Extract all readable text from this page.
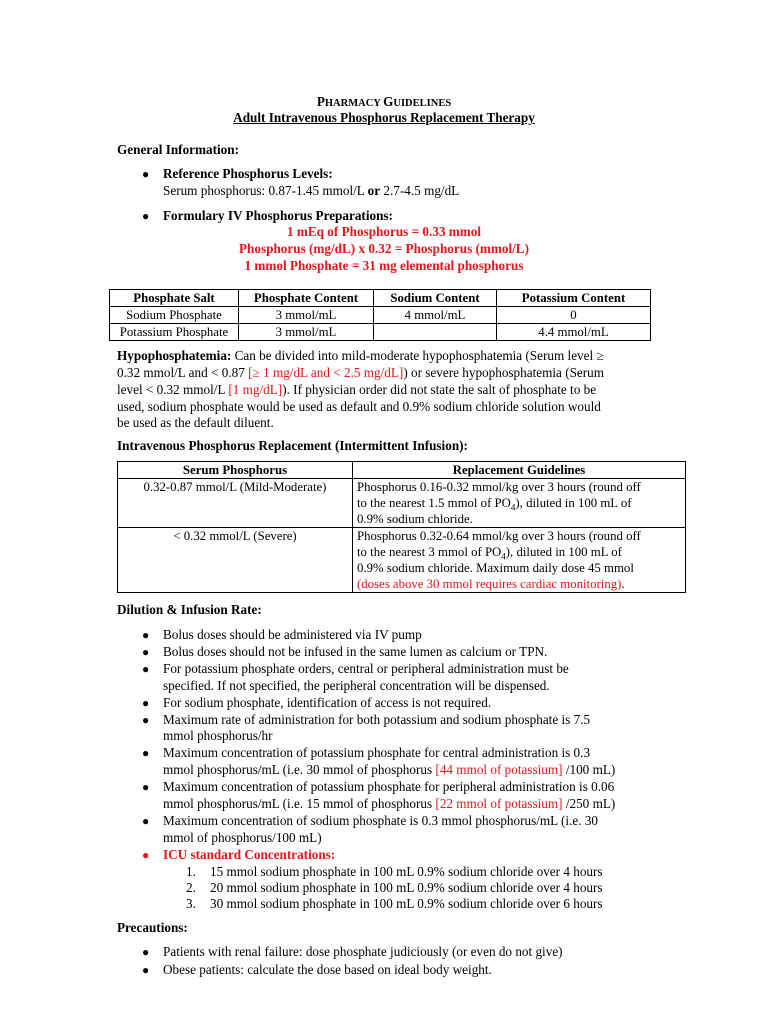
PHARMACY GUIDELINES
Adult Intravenous Phosphorus Replacement Therapy
General Information:
● Reference Phosphorus Levels:
Serum phosphorus: 0.87-1.45 mmol/L or 2.7-4.5 mg/dL
● Formulary IV Phosphorus Preparations:
1 mEq of Phosphorus = 0.33 mmol
Phosphorus (mg/dL) x 0.32 = Phosphorus (mmol/L)
1 mmol Phosphate = 31 mg elemental phosphorus
Phosphate Salt	Phosphate Content	Sodium Content	Potassium Content
Sodium Phosphate	3 mmol/mL	4 mmol/mL	0
Potassium Phosphate	3 mmol/mL		4.4 mmol/mL
Hypophosphatemia: Can be divided into mild-moderate hypophosphatemia (Serum level ≥
0.32 mmol/L and < 0.87 [≥ 1 mg/dL and < 2.5 mg/dL]) or severe hypophosphatemia (Serum
level < 0.32 mmol/L [1 mg/dL]). If physician order did not state the salt of phosphate to be
used, sodium phosphate would be used as default and 0.9% sodium chloride solution would
be used as the default diluent.
Intravenous Phosphorus Replacement (Intermittent Infusion):
Serum Phosphorus	Replacement Guidelines
0.32-0.87 mmol/L (Mild-Moderate)	Phosphorus 0.16-0.32 mmol/kg over 3 hours (round off
to the nearest 1.5 mmol of $PO_4$), diluted in 100 mL of
0.9% sodium chloride.

< 0.32 mmol/L (Severe)	Phosphorus 0.32-0.64 mmol/kg over 3 hours (round off
to the nearest 3 mmol of $PO_4$), diluted in 100 mL of
0.9% sodium chloride. Maximum daily dose 45 mmol
(doses above 30 mmol requires cardiac monitoring).
Dilution & Infusion Rate:
● Bolus doses should be administered via IV pump
● Bolus doses should not be infused in the same lumen as calcium or TPN.
● For potassium phosphate orders, central or peripheral administration must be
specified. If not specified, the peripheral concentration will be dispensed.
● For sodium phosphate, identification of access is not required.
● Maximum rate of administration for both potassium and sodium phosphate is 7.5
mmol phosphorus/hr
● Maximum concentration of potassium phosphate for central administration is 0.3
mmol phosphorus/mL (i.e. 30 mmol of phosphorus [44 mmol of potassium] /100 mL)
● Maximum concentration of potassium phosphate for peripheral administration is 0.06
mmol phosphorus/mL (i.e. 15 mmol of phosphorus [22 mmol of potassium] /250 mL)
● Maximum concentration of sodium phosphate is 0.3 mmol phosphorus/mL (i.e. 30
mmol of phosphorus/100 mL)
● ICU standard Concentrations:
1. 15 mmol sodium phosphate in 100 mL 0.9% sodium chloride over 4 hours
2. 20 mmol sodium phosphate in 100 mL 0.9% sodium chloride over 4 hours
3. 30 mmol sodium phosphate in 100 mL 0.9% sodium chloride over 6 hours
Precautions:
● Patients with renal failure: dose phosphate judiciously (or even do not give)
● Obese patients: calculate the dose based on ideal body weight.
